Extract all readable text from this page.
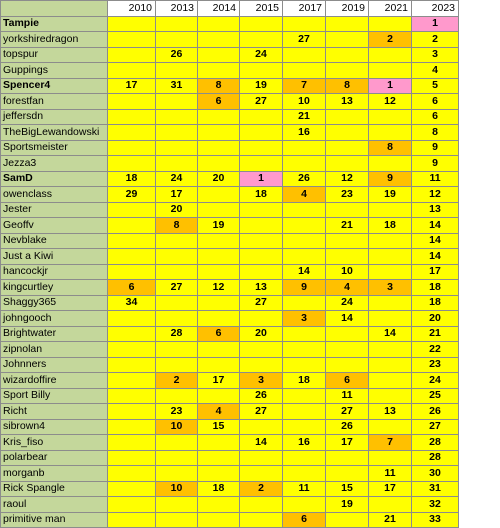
	2010	2013	2014	2015	2017	2019	2021	2023
Tampie								1
yorkshiredragon					27		2	2
topspur		26		24				3
Guppings								4
Spencer4	17	31	8	19	7	8	1	5
forestfan			6	27	10	13	12	6
jeffersdn					21			6
TheBigLewandowski					16			8
Sportsmeister							8	9
Jezza3								9
SamD	18	24	20	1	26	12	9	11
owenclass	29	17		18	4	23	19	12
Jester		20						13
Geoffv		8	19			21	18	14
Nevblake								14
Just a Kiwi								14
hancockjr					14	10		17
kingcurtley	6	27	12	13	9	4	3	18
Shaggy365	34			27		24		18
johngooch					3	14		20
Brightwater		28	6	20			14	21
zipnolan								22
Johnners								23
wizardoffire		2	17	3	18	6		24
Sport Billy				26		11		25
Richt		23	4	27		27	13	26
sibrown4		10	15			26		27
Kris_fiso				14	16	17	7	28
polarbear								28
morganb							11	30
Rick Spangle		10	18	2	11	15	17	31
raoul						19		32
primitive man					6		21	33
